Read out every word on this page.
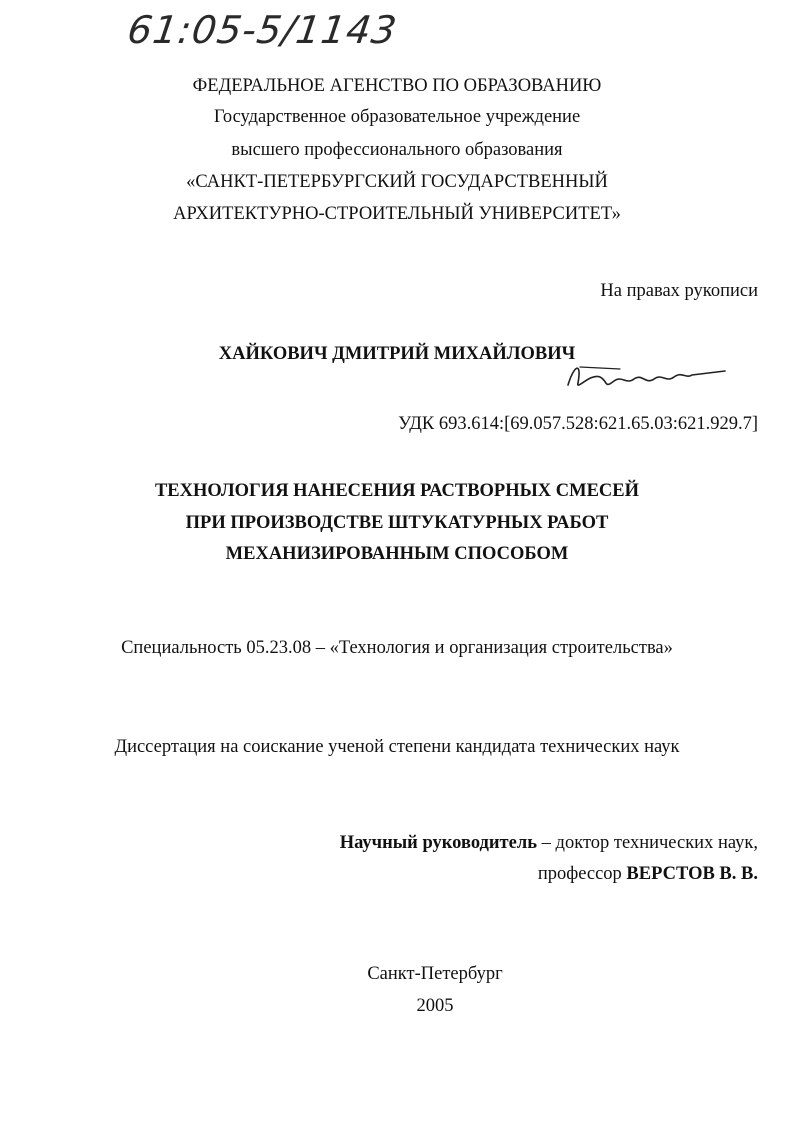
61:05-5/1143
ФЕДЕРАЛЬНОЕ АГЕНСТВО ПО ОБРАЗОВАНИЮ
Государственное образовательное учреждение
высшего профессионального образования
«САНКТ-ПЕТЕРБУРГСКИЙ ГОСУДАРСТВЕННЫЙ
АРХИТЕКТУРНО-СТРОИТЕЛЬНЫЙ УНИВЕРСИТЕТ»
На правах рукописи
ХАЙКОВИЧ ДМИТРИЙ МИХАЙЛОВИЧ
УДК 693.614:[69.057.528:621.65.03:621.929.7]
ТЕХНОЛОГИЯ НАНЕСЕНИЯ РАСТВОРНЫХ СМЕСЕЙ
ПРИ ПРОИЗВОДСТВЕ ШТУКАТУРНЫХ РАБОТ
МЕХАНИЗИРОВАННЫМ СПОСОБОМ
Специальность 05.23.08 – «Технология и организация строительства»
Диссертация на соискание ученой степени кандидата технических наук
Научный руководитель – доктор технических наук,
профессор ВЕРСТОВ В. В.
Санкт-Петербург
2005
